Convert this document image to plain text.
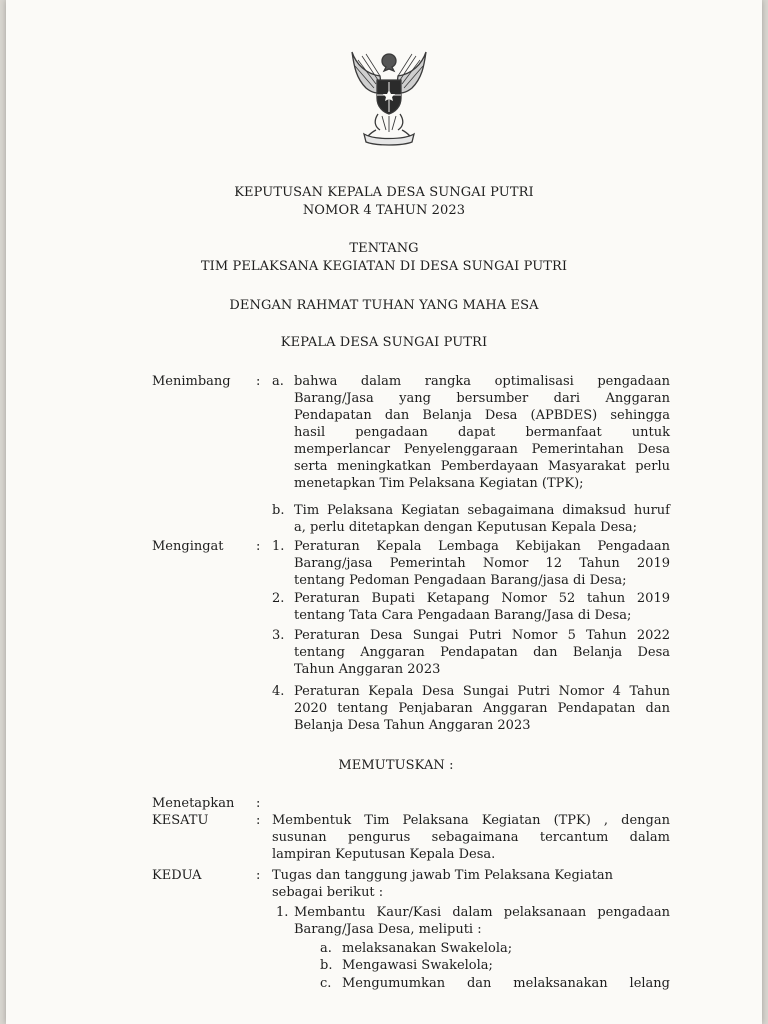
KEPUTUSAN KEPALA DESA SUNGAI PUTRI
NOMOR 4 TAHUN 2023
TENTANG
TIM PELAKSANA KEGIATAN DI DESA SUNGAI PUTRI
DENGAN RAHMAT TUHAN YANG MAHA ESA
KEPALA DESA SUNGAI PUTRI
Menimbang : a. bahwa dalam rangka optimalisasi pengadaan
Barang/Jasa yang bersumber dari Anggaran
Pendapatan dan Belanja Desa (APBDES) sehingga
hasil pengadaan dapat bermanfaat untuk
memperlancar Penyelenggaraan Pemerintahan Desa
serta meningkatkan Pemberdayaan Masyarakat perlu
menetapkan Tim Pelaksana Kegiatan (TPK);
b. Tim Pelaksana Kegiatan sebagaimana dimaksud huruf
a, perlu ditetapkan dengan Keputusan Kepala Desa;
Mengingat : 1. Peraturan Kepala Lembaga Kebijakan Pengadaan
Barang/jasa Pemerintah Nomor 12 Tahun 2019
tentang Pedoman Pengadaan Barang/jasa di Desa;
2. Peraturan Bupati Ketapang Nomor 52 tahun 2019
tentang Tata Cara Pengadaan Barang/Jasa di Desa;
3. Peraturan Desa Sungai Putri Nomor 5 Tahun 2022
tentang Anggaran Pendapatan dan Belanja Desa
Tahun Anggaran 2023
4. Peraturan Kepala Desa Sungai Putri Nomor 4 Tahun
2020 tentang Penjabaran Anggaran Pendapatan dan
Belanja Desa Tahun Anggaran 2023
MEMUTUSKAN :
Menetapkan :
KESATU	: Membentuk Tim Pelaksana Kegiatan (TPK) , dengan
susunan pengurus sebagaimana tercantum dalam
lampiran Keputusan Kepala Desa.
KEDUA	: Tugas dan tanggung jawab Tim Pelaksana Kegiatan
sebagai berikut :
1. Membantu Kaur/Kasi dalam pelaksanaan pengadaan
Barang/Jasa Desa, meliputi :
a. melaksanakan Swakelola;
b. Mengawasi Swakelola;
c. Mengumumkan dan melaksanakan lelang
